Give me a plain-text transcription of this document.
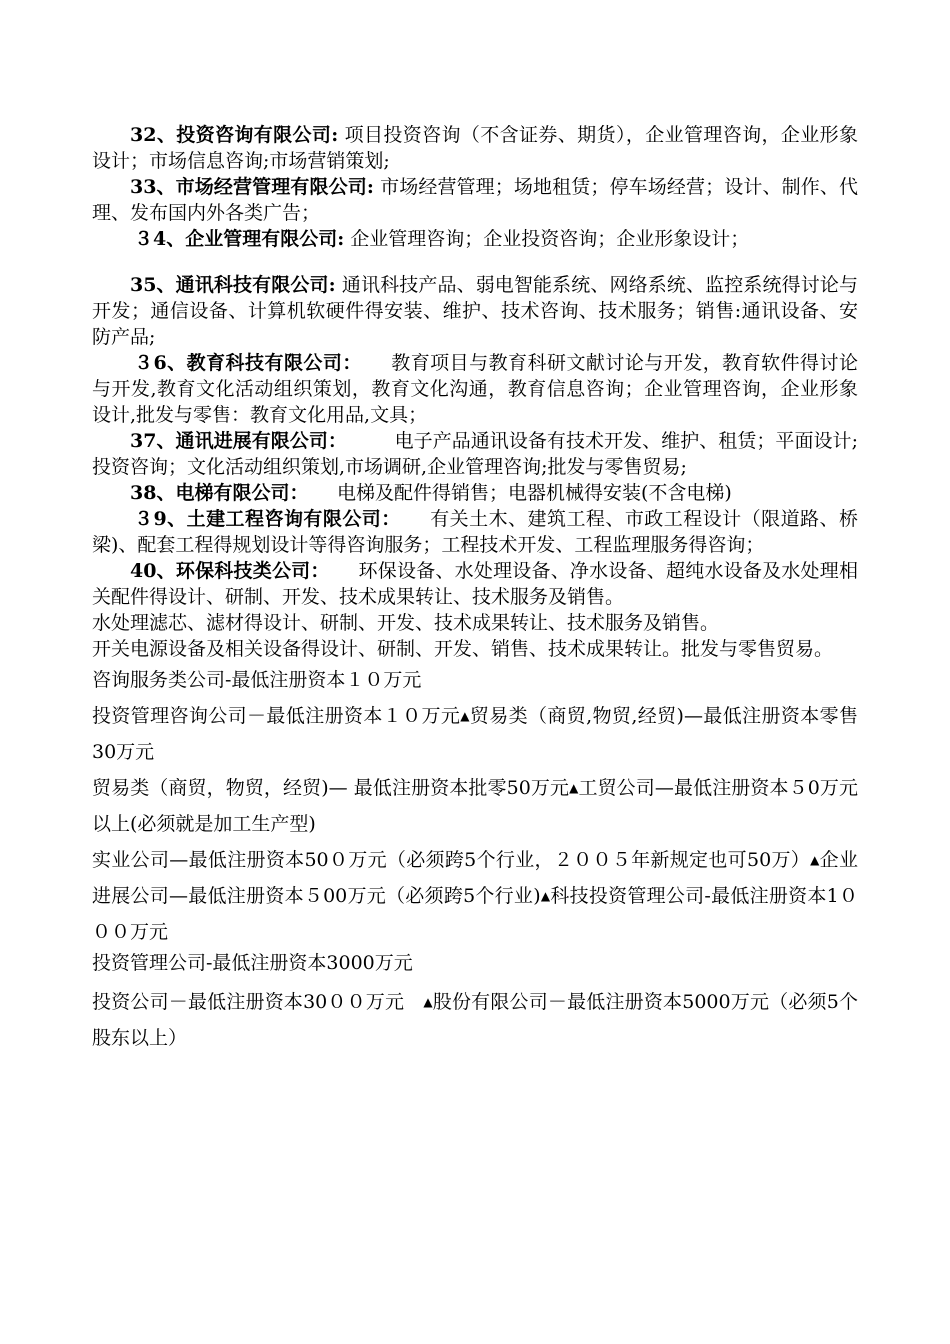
32、投资咨询有限公司: 项目投资咨询（不含证券、期货），企业管理咨询，企业形象设计；市场信息咨询;市场营销策划;

33、市场经营管理有限公司: 市场经营管理；场地租赁；停车场经营；设计、制作、代理、发布国内外各类广告；

３4、企业管理有限公司: 企业管理咨询；企业投资咨询；企业形象设计；

35、通讯科技有限公司: 通讯科技产品、弱电智能系统、网络系统、监控系统得讨论与开发；通信设备、计算机软硬件得安装、维护、技术咨询、技术服务；销售:通讯设备、安防产品;

３6、教育科技有限公司：　　 教育项目与教育科研文献讨论与开发，教育软件得讨论与开发,教育文化活动组织策划，教育文化沟通，教育信息咨询；企业管理咨询，企业形象　 设计,批发与零售：教育文化用品,文具；

37、通讯进展有限公司：　　　	电子产品通讯设备有技术开发、维护、租赁；平面设计;投资咨询；文化活动组织策划,市场调研,企业管理咨询;批发与零售贸易;

38、电梯有限公司：　　 电梯及配件得销售；电器机械得安装(不含电梯)

３9、土建工程咨询有限公司：　　 有关土木、建筑工程、市政工程设计（限道路、桥梁)、配套工程得规划设计等得咨询服务；工程技术开发、工程监理服务得咨询；

40、环保科技类公司：　　 环保设备、水处理设备、净水设备、超纯水设备及水处理相关配件得设计、研制、开发、技术成果转让、技术服务及销售。

水处理滤芯、滤材得设计、研制、开发、技术成果转让、技术服务及销售。

开关电源设备及相关设备得设计、研制、开发、销售、技术成果转让。批发与零售贸易。

咨询服务类公司-最低注册资本１０万元

投资管理咨询公司－最低注册资本１０万元▲贸易类（商贸,物贸,经贸)—最低注册资本零售30万元

贸易类（商贸，物贸，经贸)— 最低注册资本批零50万元▲工贸公司—最低注册资本５0万元以上(必须就是加工生产型)

实业公司—最低注册资本50０万元（必须跨5个行业，２００５年新规定也可50万）▲企业进展公司—最低注册资本５00万元（必须跨5个行业)▲科技投资管理公司-最低注册资本1０００万元

投资管理公司-最低注册资本3000万元

投资公司－最低注册资本30００万元　▲股份有限公司－最低注册资本5000万元（必须5个股东以上）
